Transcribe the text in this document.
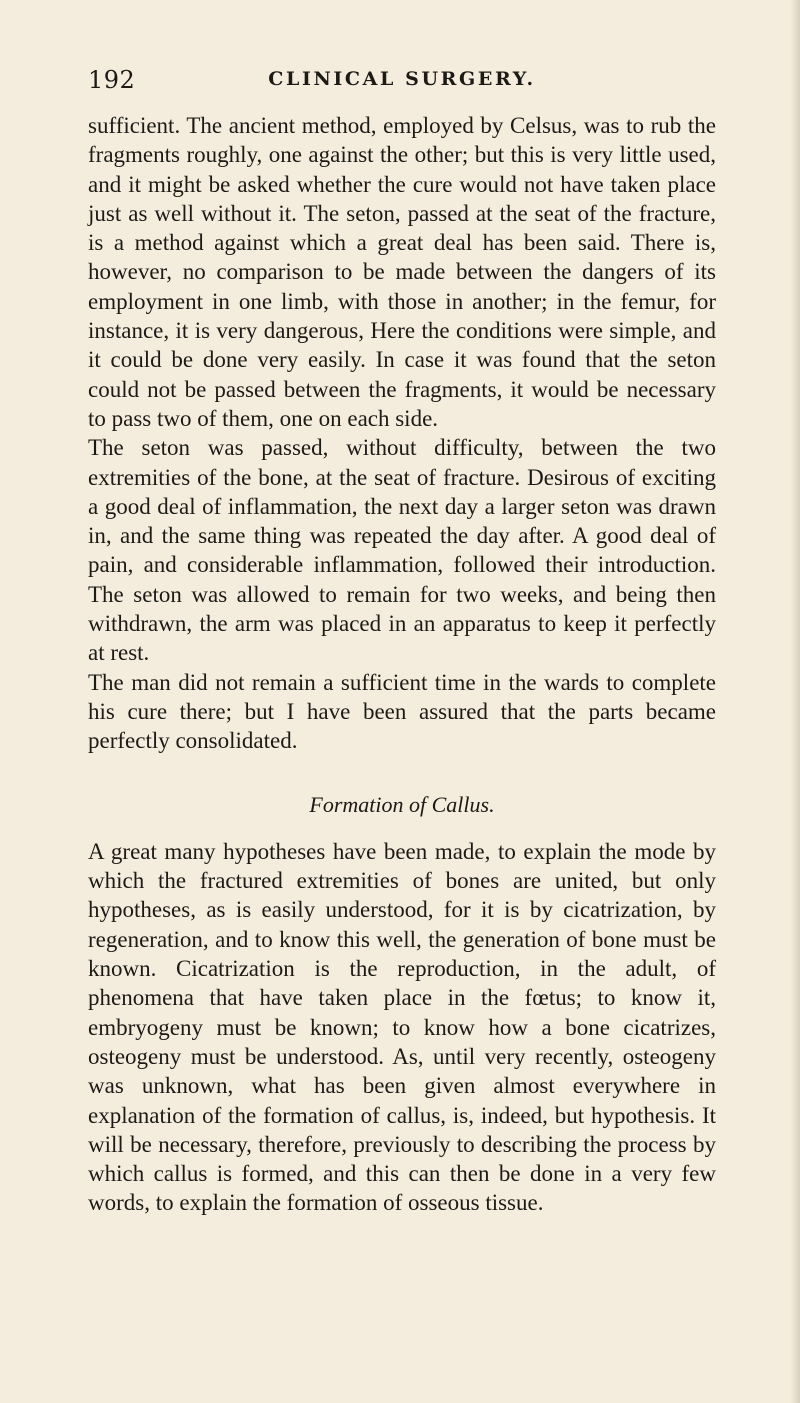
192	CLINICAL SURGERY.

sufficient. The ancient method, employed by Celsus, was to rub the fragments roughly, one against the other; but this is very little used, and it might be asked whether the cure would not have taken place just as well without it. The seton, passed at the seat of the fracture, is a method against which a great deal has been said. There is, however, no comparison to be made between the dangers of its employment in one limb, with those in another; in the femur, for instance, it is very dangerous, Here the conditions were simple, and it could be done very easily. In case it was found that the seton could not be passed between the fragments, it would be necessary to pass two of them, one on each side.

The seton was passed, without difficulty, between the two extremities of the bone, at the seat of fracture. Desirous of exciting a good deal of inflammation, the next day a larger seton was drawn in, and the same thing was repeated the day after. A good deal of pain, and considerable inflammation, followed their introduction. The seton was allowed to remain for two weeks, and being then withdrawn, the arm was placed in an apparatus to keep it perfectly at rest.

The man did not remain a sufficient time in the wards to complete his cure there; but I have been assured that the parts became perfectly consolidated.

Formation of Callus.

A great many hypotheses have been made, to explain the mode by which the fractured extremities of bones are united, but only hypotheses, as is easily understood, for it is by cicatrization, by regeneration, and to know this well, the generation of bone must be known. Cicatrization is the reproduction, in the adult, of phenomena that have taken place in the fœtus; to know it, embryogeny must be known; to know how a bone cicatrizes, osteogeny must be understood. As, until very recently, osteogeny was unknown, what has been given almost everywhere in explanation of the formation of callus, is, indeed, but hypothesis. It will be necessary, therefore, previously to describing the process by which callus is formed, and this can then be done in a very few words, to explain the formation of osseous tissue.
